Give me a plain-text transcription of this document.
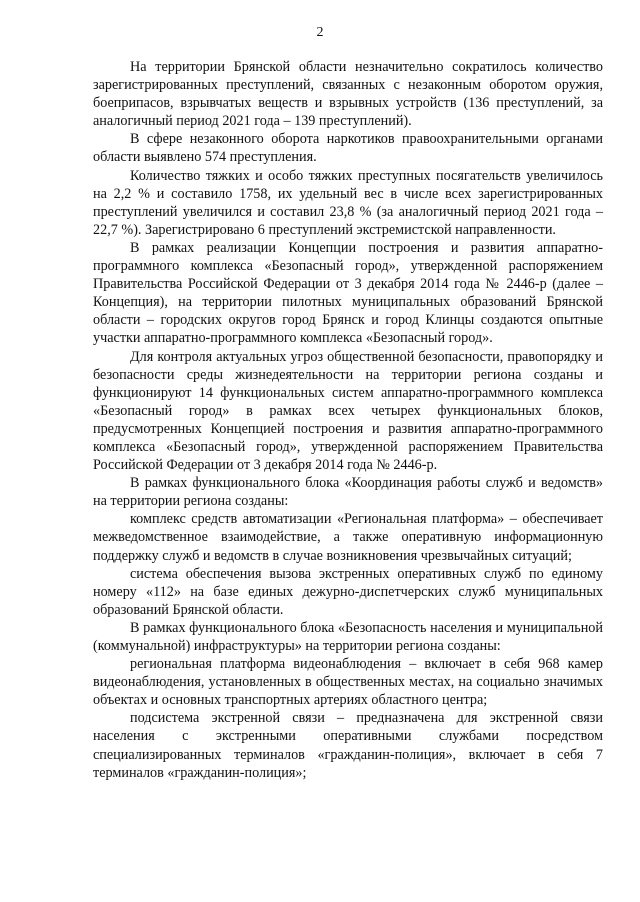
2

На территории Брянской области незначительно сократилось количество зарегистрированных преступлений, связанных с незаконным оборотом оружия, боеприпасов, взрывчатых веществ и взрывных устройств (136 преступлений, за аналогичный период 2021 года – 139 преступлений).

В сфере незаконного оборота наркотиков правоохранительными органами области выявлено 574 преступления.

Количество тяжких и особо тяжких преступных посягательств увеличилось на 2,2 % и составило 1758, их удельный вес в числе всех зарегистрированных преступлений увеличился и составил 23,8 % (за аналогичный период 2021 года – 22,7 %). Зарегистрировано 6 преступлений экстремистской направленности.

В рамках реализации Концепции построения и развития аппаратно-программного комплекса «Безопасный город», утвержденной распоряжением Правительства Российской Федерации от 3 декабря 2014 года № 2446-р (далее – Концепция), на территории пилотных муниципальных образований Брянской области – городских округов город Брянск и город Клинцы создаются опытные участки аппаратно-программного комплекса «Безопасный город».

Для контроля актуальных угроз общественной безопасности, правопорядку и безопасности среды жизнедеятельности на территории региона созданы и функционируют 14 функциональных систем аппаратно-программного комплекса «Безопасный город» в рамках всех четырех функциональных блоков, предусмотренных Концепцией построения и развития аппаратно-программного комплекса «Безопасный город», утвержденной распоряжением Правительства Российской Федерации от 3 декабря 2014 года № 2446-р.

В рамках функционального блока «Координация работы служб и ведомств» на территории региона созданы:

комплекс средств автоматизации «Региональная платформа» – обеспечивает межведомственное взаимодействие, а также оперативную информационную поддержку служб и ведомств в случае возникновения чрезвычайных ситуаций;

система обеспечения вызова экстренных оперативных служб по единому номеру «112» на базе единых дежурно-диспетчерских служб муниципальных образований Брянской области.

В рамках функционального блока «Безопасность населения и муниципальной (коммунальной) инфраструктуры» на территории региона созданы:

региональная платформа видеонаблюдения – включает в себя 968 камер видеонаблюдения, установленных в общественных местах, на социально значимых объектах и основных транспортных артериях областного центра;

подсистема экстренной связи – предназначена для экстренной связи населения с экстренными оперативными службами посредством специализированных терминалов «гражданин-полиция», включает в себя 7 терминалов «гражданин-полиция»;
